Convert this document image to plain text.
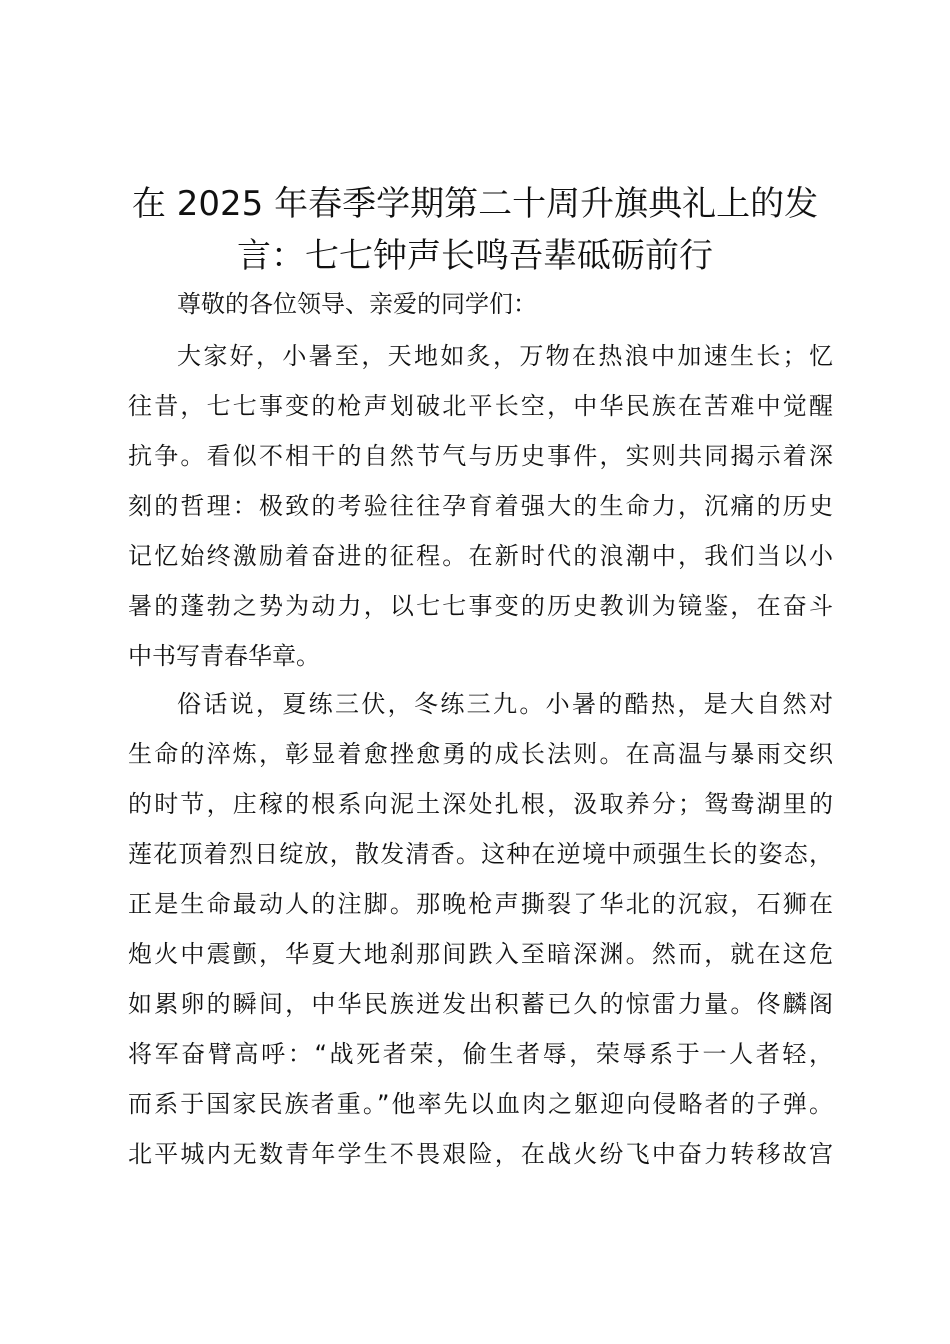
在 2025 年春季学期第二十周升旗典礼上的发
言：七七钟声长鸣吾辈砥砺前行

尊敬的各位领导、亲爱的同学们：

大家好，小暑至，天地如炙，万物在热浪中加速生长；忆

往昔，七七事变的枪声划破北平长空，中华民族在苦难中觉醒

抗争。看似不相干的自然节气与历史事件，实则共同揭示着深

刻的哲理：极致的考验往往孕育着强大的生命力，沉痛的历史

记忆始终激励着奋进的征程。在新时代的浪潮中，我们当以小

暑的蓬勃之势为动力，以七七事变的历史教训为镜鉴，在奋斗

中书写青春华章。

俗话说，夏练三伏，冬练三九。小暑的酷热，是大自然对

生命的淬炼，彰显着愈挫愈勇的成长法则。在高温与暴雨交织

的时节，庄稼的根系向泥土深处扎根，汲取养分；鸳鸯湖里的

莲花顶着烈日绽放，散发清香。这种在逆境中顽强生长的姿态，

正是生命最动人的注脚。那晚枪声撕裂了华北的沉寂，石狮在

炮火中震颤，华夏大地刹那间跌入至暗深渊。然而，就在这危

如累卵的瞬间，中华民族迸发出积蓄已久的惊雷力量。佟麟阁

将军奋臂高呼：“战死者荣，偷生者辱，荣辱系于一人者轻，

而系于国家民族者重。”他率先以血肉之躯迎向侵略者的子弹。

北平城内无数青年学生不畏艰险，在战火纷飞中奋力转移故宫
